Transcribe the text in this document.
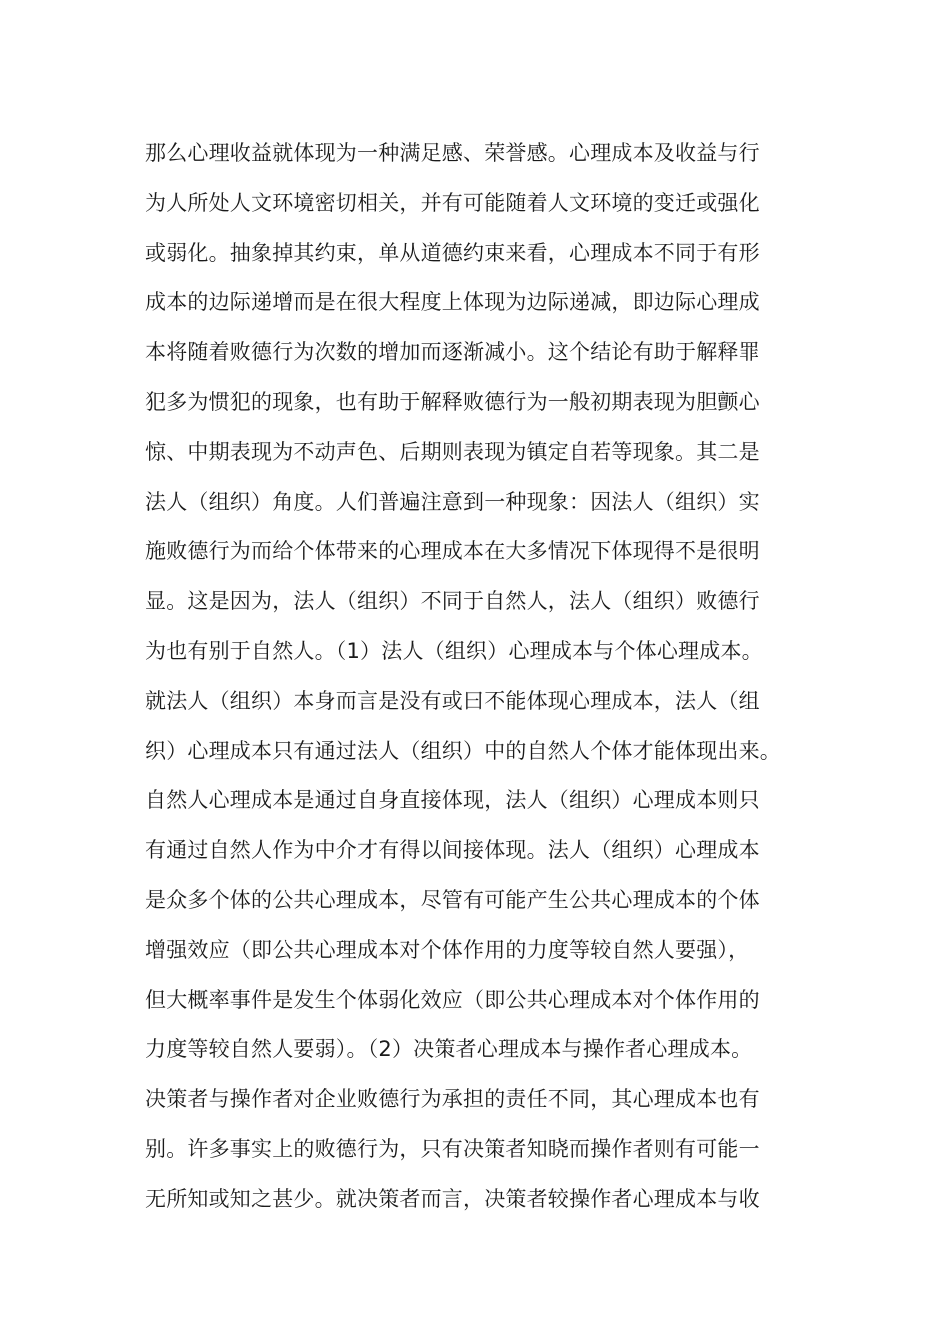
那么心理收益就体现为一种满足感、荣誉感。心理成本及收益与行
为人所处人文环境密切相关，并有可能随着人文环境的变迁或强化
或弱化。抽象掉其约束，单从道德约束来看，心理成本不同于有形
成本的边际递增而是在很大程度上体现为边际递减，即边际心理成
本将随着败德行为次数的增加而逐渐减小。这个结论有助于解释罪
犯多为惯犯的现象，也有助于解释败德行为一般初期表现为胆颤心
惊、中期表现为不动声色、后期则表现为镇定自若等现象。其二是
法人（组织）角度。人们普遍注意到一种现象：因法人（组织）实
施败德行为而给个体带来的心理成本在大多情况下体现得不是很明
显。这是因为，法人（组织）不同于自然人，法人（组织）败德行
为也有别于自然人。（1）法人（组织）心理成本与个体心理成本。
就法人（组织）本身而言是没有或曰不能体现心理成本，法人（组
织）心理成本只有通过法人（组织）中的自然人个体才能体现出来。
自然人心理成本是通过自身直接体现，法人（组织）心理成本则只
有通过自然人作为中介才有得以间接体现。法人（组织）心理成本
是众多个体的公共心理成本，尽管有可能产生公共心理成本的个体
增强效应（即公共心理成本对个体作用的力度等较自然人要强），
但大概率事件是发生个体弱化效应（即公共心理成本对个体作用的
力度等较自然人要弱）。（2）决策者心理成本与操作者心理成本。
决策者与操作者对企业败德行为承担的责任不同，其心理成本也有
别。许多事实上的败德行为，只有决策者知晓而操作者则有可能一
无所知或知之甚少。就决策者而言，决策者较操作者心理成本与收
